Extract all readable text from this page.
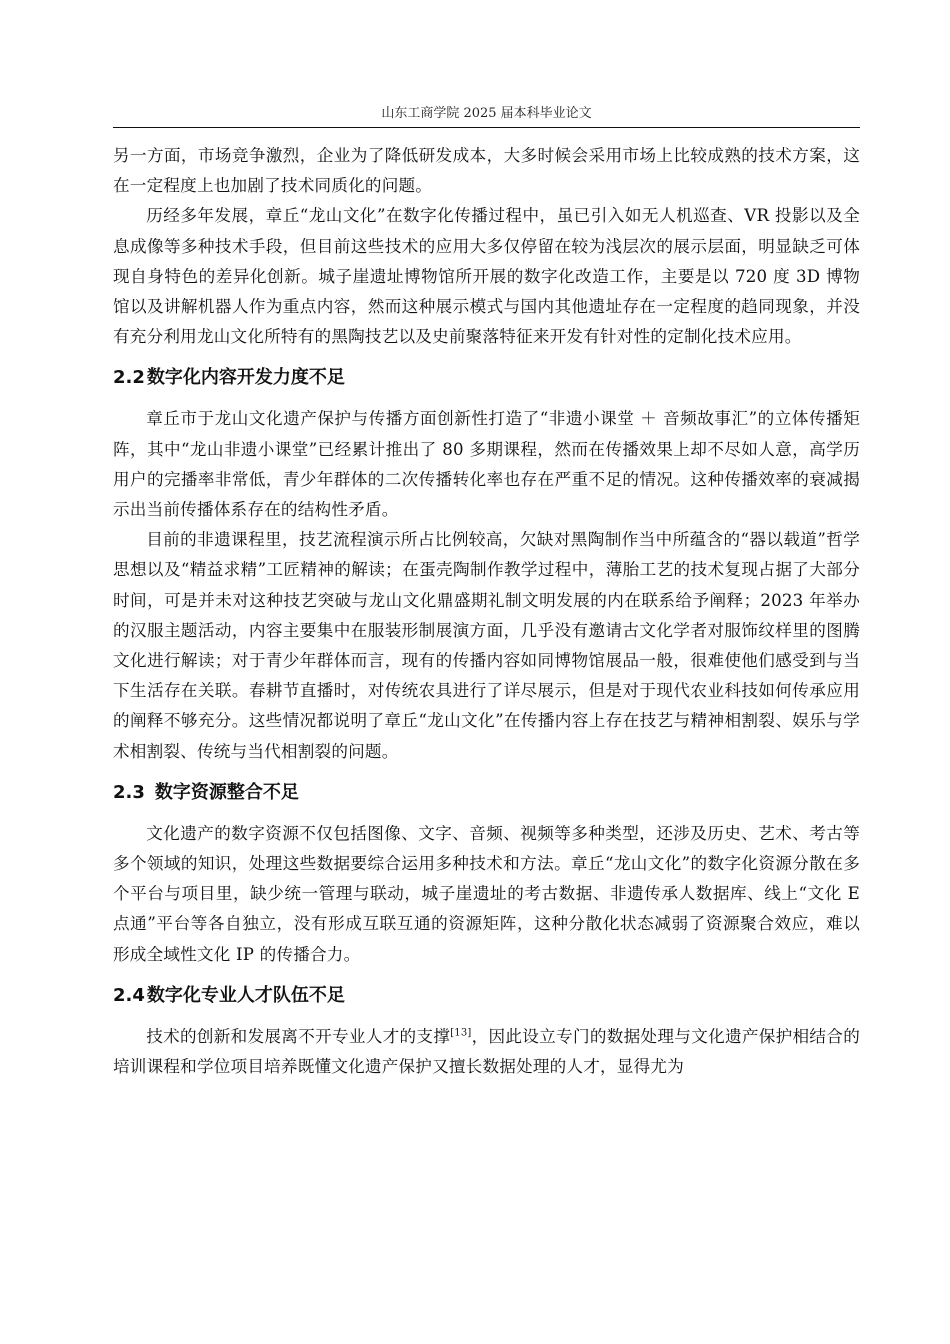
山东工商学院 2025 届本科毕业论文

另一方面，市场竞争激烈，企业为了降低研发成本，大多时候会采用市场上比较成熟的技术方案，这在一定程度上也加剧了技术同质化的问题。

历经多年发展，章丘“龙山文化”在数字化传播过程中，虽已引入如无人机巡查、VR 投影以及全息成像等多种技术手段，但目前这些技术的应用大多仅停留在较为浅层次的展示层面，明显缺乏可体现自身特色的差异化创新。城子崖遗址博物馆所开展的数字化改造工作，主要是以 720 度 3D 博物馆以及讲解机器人作为重点内容，然而这种展示模式与国内其他遗址存在一定程度的趋同现象，并没有充分利用龙山文化所特有的黑陶技艺以及史前聚落特征来开发有针对性的定制化技术应用。

2.2 数字化内容开发力度不足

章丘市于龙山文化遗产保护与传播方面创新性打造了“非遗小课堂 ＋ 音频故事汇”的立体传播矩阵，其中“龙山非遗小课堂”已经累计推出了 80 多期课程，然而在传播效果上却不尽如人意，高学历用户的完播率非常低，青少年群体的二次传播转化率也存在严重不足的情况。这种传播效率的衰减揭示出当前传播体系存在的结构性矛盾。

目前的非遗课程里，技艺流程演示所占比例较高，欠缺对黑陶制作当中所蕴含的“器以载道”哲学思想以及“精益求精”工匠精神的解读；在蛋壳陶制作教学过程中，薄胎工艺的技术复现占据了大部分时间，可是并未对这种技艺突破与龙山文化鼎盛期礼制文明发展的内在联系给予阐释；2023 年举办的汉服主题活动，内容主要集中在服装形制展演方面，几乎没有邀请古文化学者对服饰纹样里的图腾文化进行解读；对于青少年群体而言，现有的传播内容如同博物馆展品一般，很难使他们感受到与当下生活存在关联。春耕节直播时，对传统农具进行了详尽展示，但是对于现代农业科技如何传承应用的阐释不够充分。这些情况都说明了章丘“龙山文化”在传播内容上存在技艺与精神相割裂、娱乐与学术相割裂、传统与当代相割裂的问题。

2.3 数字资源整合不足

文化遗产的数字资源不仅包括图像、文字、音频、视频等多种类型，还涉及历史、艺术、考古等多个领域的知识，处理这些数据要综合运用多种技术和方法。章丘“龙山文化”的数字化资源分散在多个平台与项目里，缺少统一管理与联动，城子崖遗址的考古数据、非遗传承人数据库、线上“文化 E 点通”平台等各自独立，没有形成互联互通的资源矩阵，这种分散化状态减弱了资源聚合效应，难以形成全域性文化 IP 的传播合力。

2.4 数字化专业人才队伍不足

技术的创新和发展离不开专业人才的支撑[13]，因此设立专门的数据处理与文化遗产保护相结合的培训课程和学位项目培养既懂文化遗产保护又擅长数据处理的人才，显得尤为
